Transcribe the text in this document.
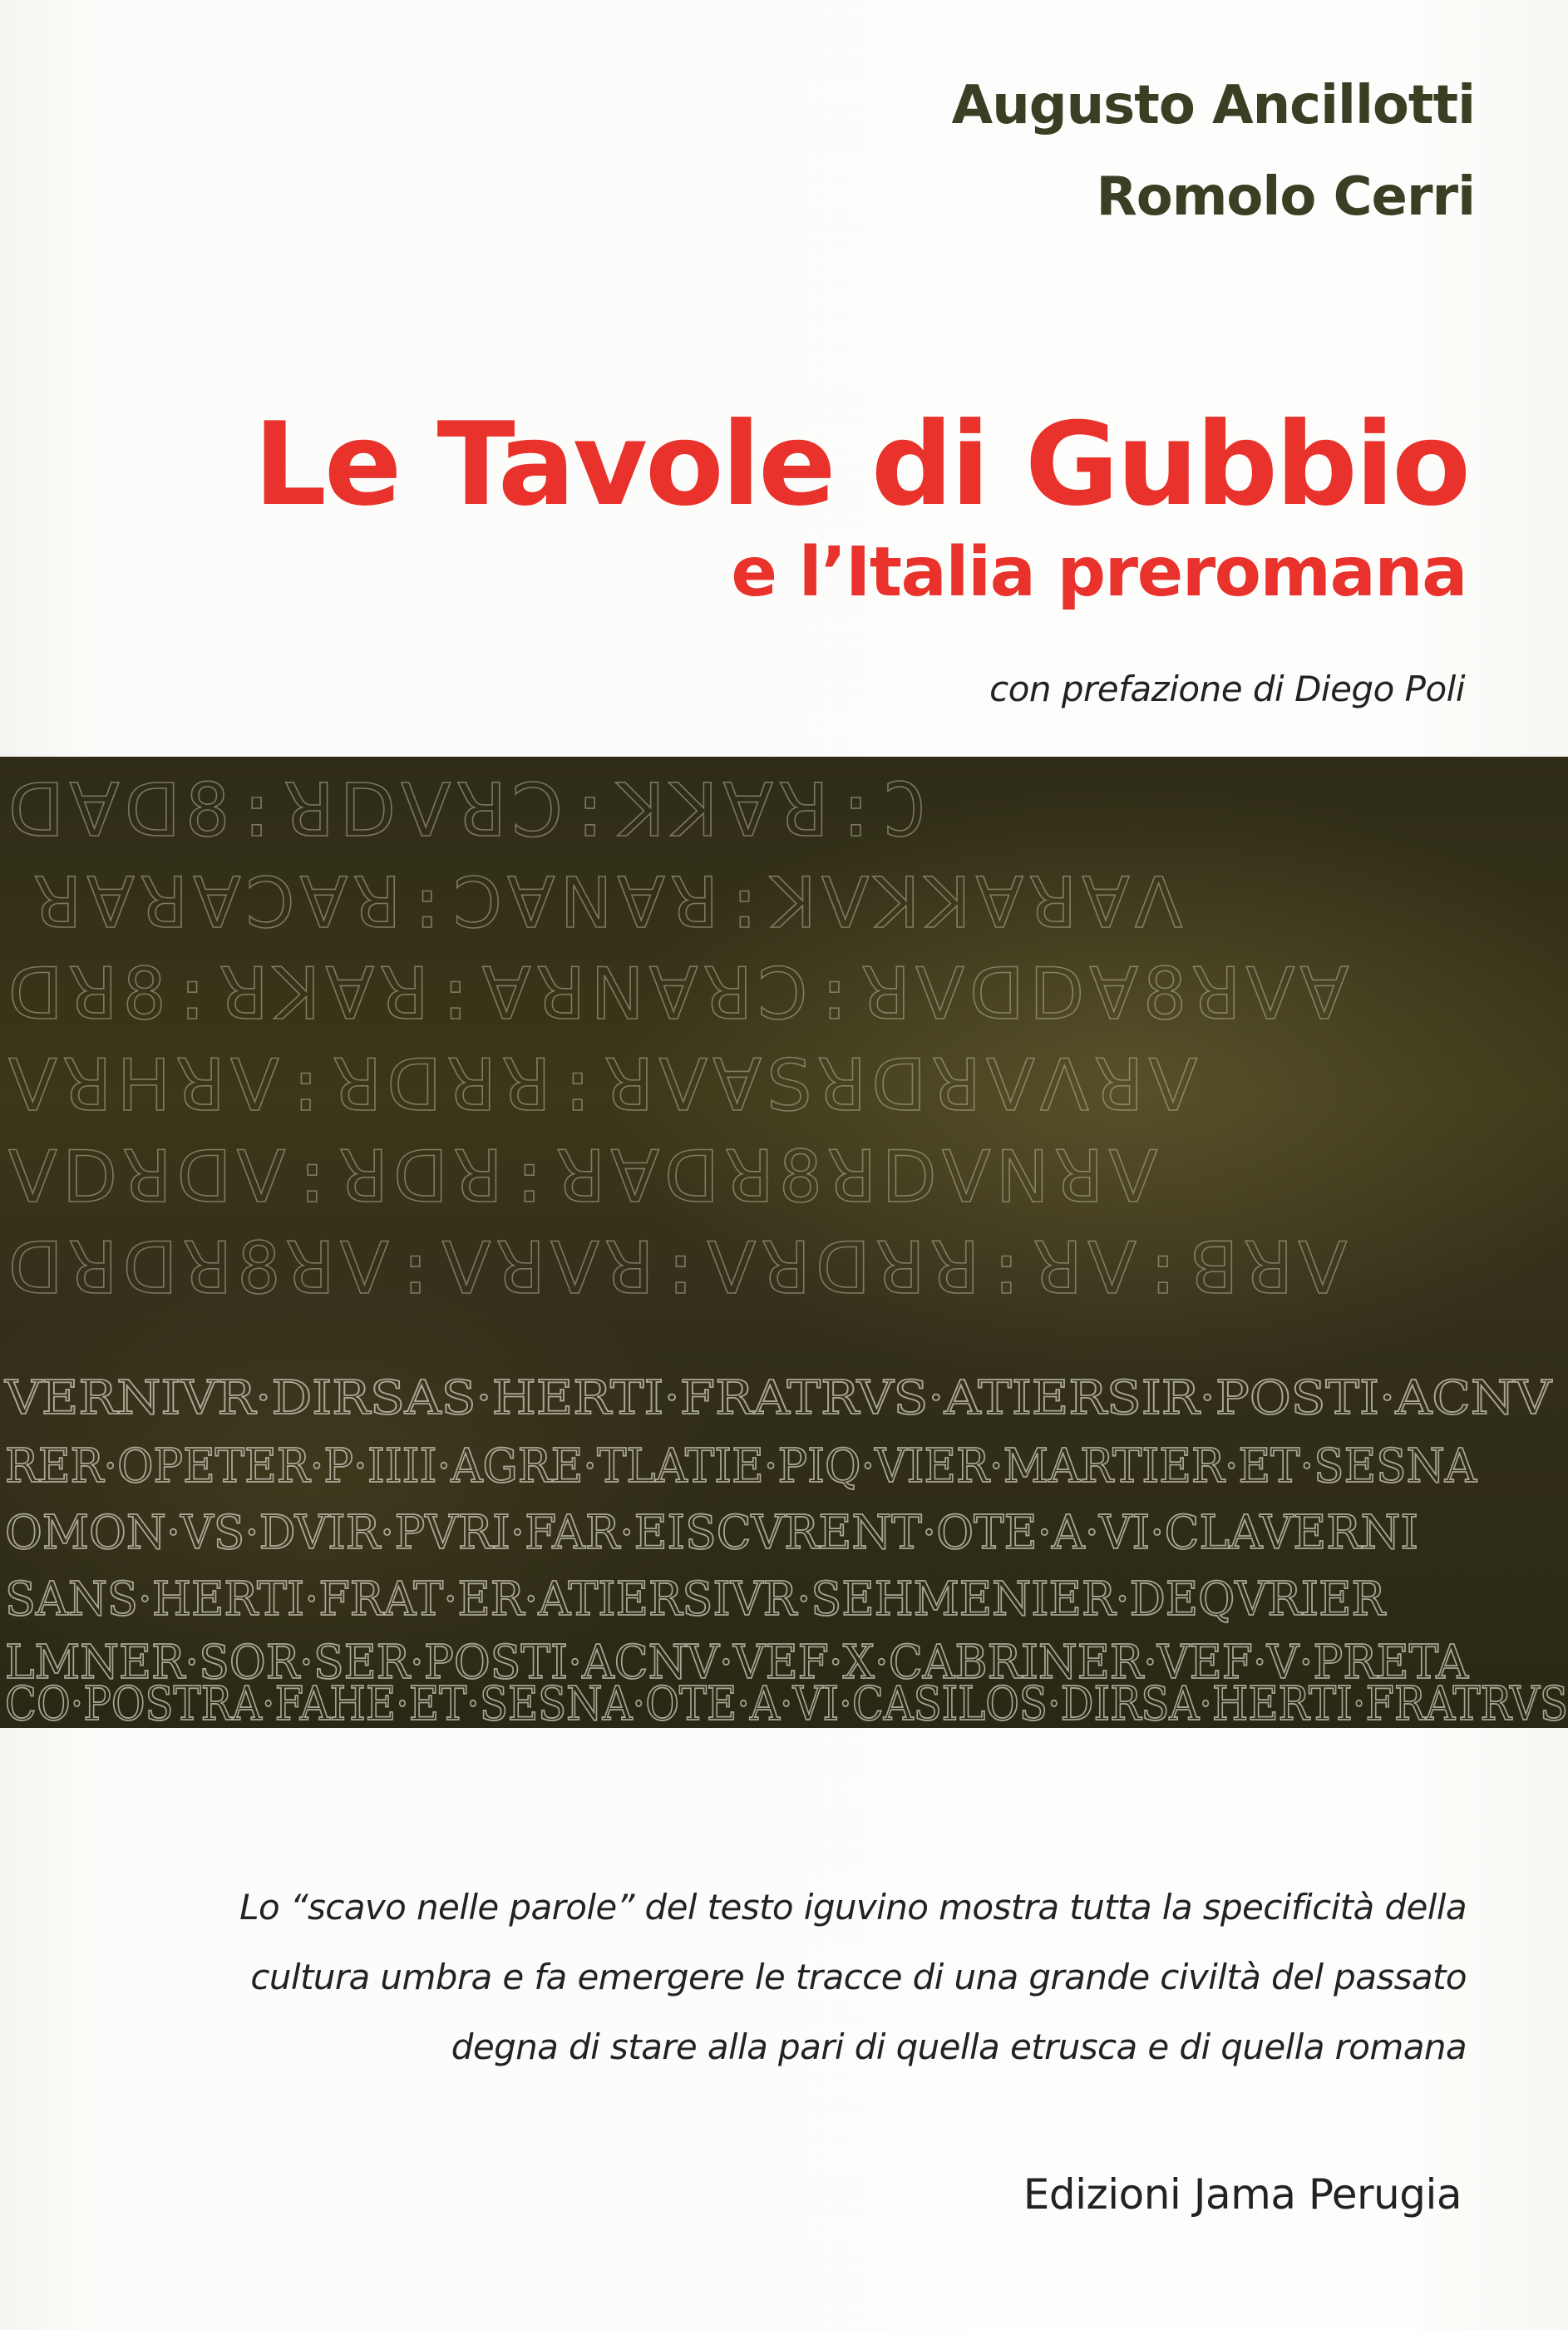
Augusto Ancillotti
Romolo Cerri
Le Tavole di Gubbio
e l’Italia preromana
con prefazione di Diego Poli
ꓷꓯꓷ8:ꓤꓓꓦꓤꓛ:ꓘꓘꓯꓤ:Ɔ
ꓤꓯꓤꓯꓛꓯꓤ:ꓛꓯꓠꓯꓤ:ꓘꓦꓘꓘꓯꓤꓯꓥ
ꓷꓤ8:ꓤꓘꓯꓤ:ꓯꓤꓠꓯꓤꓛ:ꓤꓦꓷꓓꓯ8ꓤꓦꓯ
ꓦꓤꓧꓤꓦ:ꓤꓷꓤꓤ:ꓤꓦꓯꓢꓤꓷꓤꓦꓥꓤꓦ
ꓦꓓꓤꓷꓦ:ꓤꓷꓤ:ꓤꓯꓷꓤ8ꓤꓓꓦꓠꓤꓦ
ꓷꓤꓷꓤ8ꓤꓦ:ꓦꓤꓦꓤ:ꓦꓤꓷꓤꓤ:ꓤꓦ:ꓭꓤꓦ
VERNIVR·DIRSAS·HERTI·FRATRVS·ATIERSIR·POSTI·ACNV
RER·OPETER·P·IIII·AGRE·TLATIE·PIQ·VIER·MARTIER·ET·SESNA
OMON·VS·DVIR·PVRI·FAR·EISCVRENT·OTE·A·VI·CLAVERNI
SANS·HERTI·FRAT·ER·ATIERSIVR·SEHMENIER·DEQVRIER
LMNER·SOR·SER·POSTI·ACNV·VEF·X·CABRINER·VEF·V·PRETA
CO·POSTRA·FAHE·ET·SESNA·OTE·A·VI·CASILOS·DIRSA·HERTI·FRATRVS
Lo “scavo nelle parole” del testo iguvino mostra tutta la specificità della
cultura umbra e fa emergere le tracce di una grande civiltà del passato
degna di stare alla pari di quella etrusca e di quella romana
Edizioni Jama Perugia
